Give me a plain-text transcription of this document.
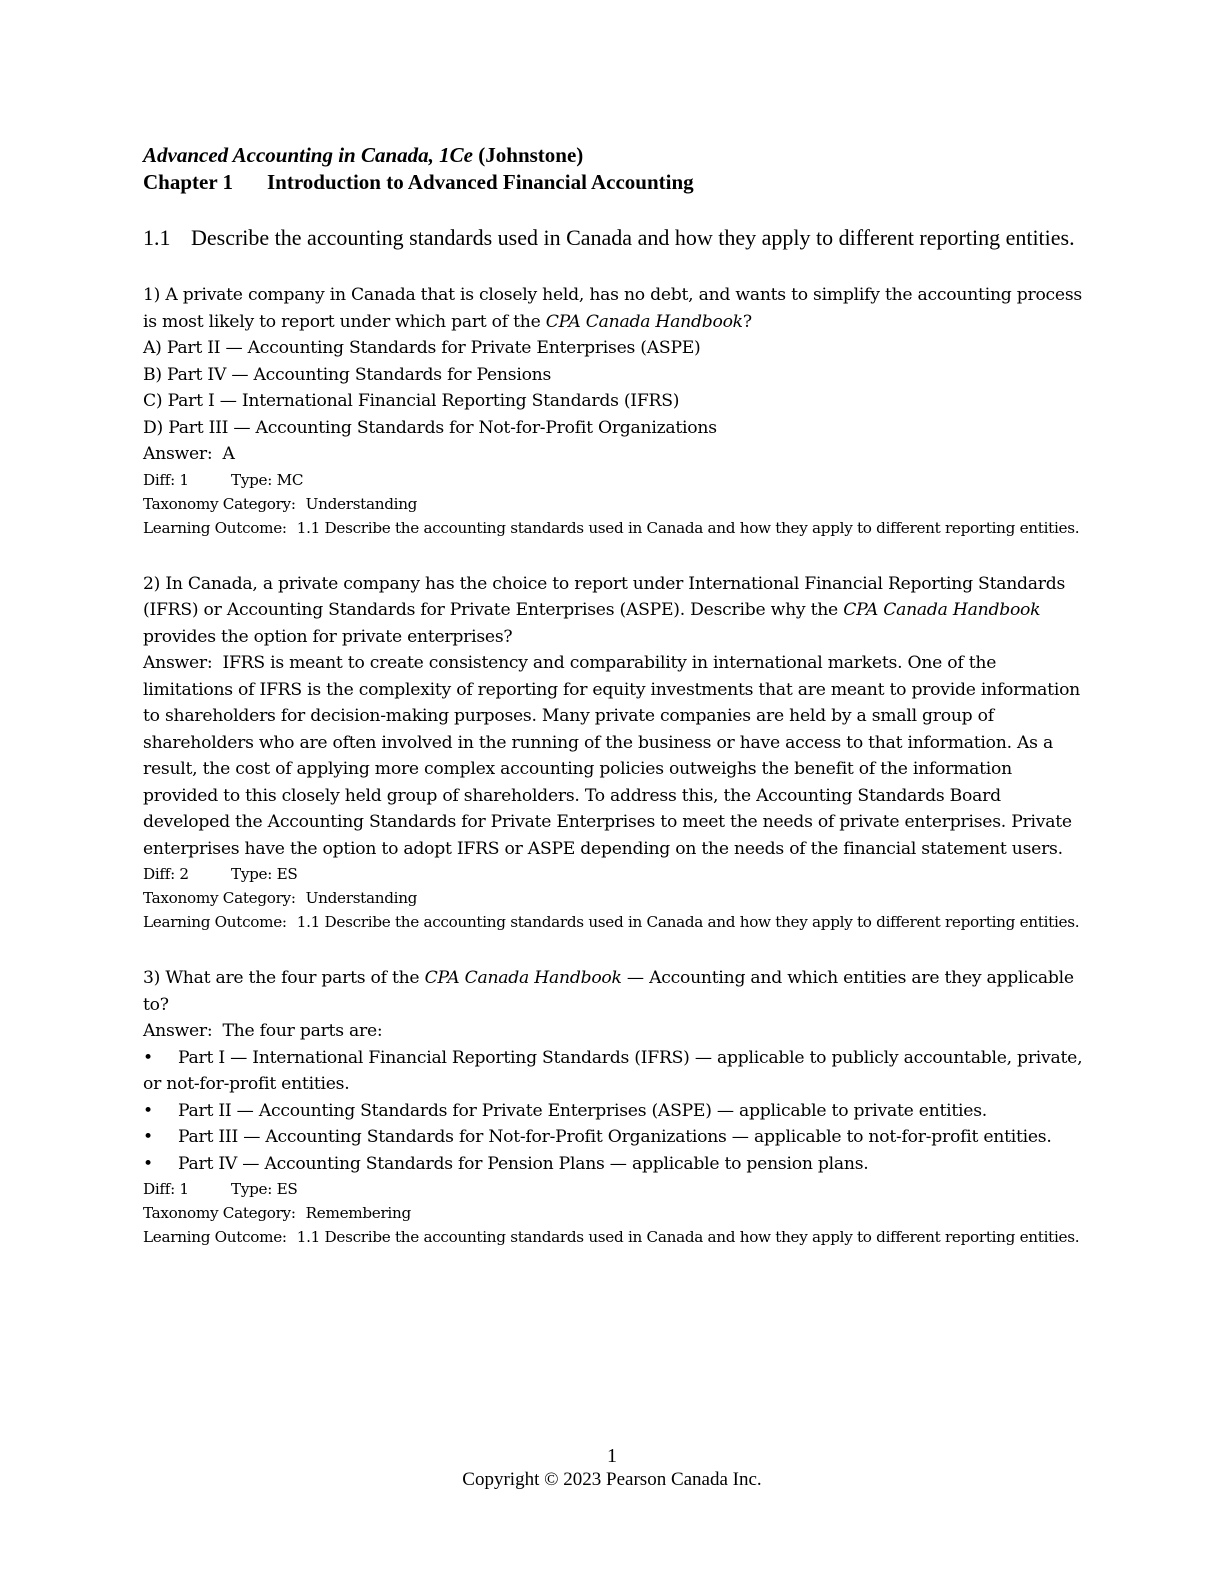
Advanced Accounting in Canada, 1Ce (Johnstone)
Chapter 1	Introduction to Advanced Financial Accounting
1.1 Describe the accounting standards used in Canada and how they apply to different reporting entities.
1) A private company in Canada that is closely held, has no debt, and wants to simplify the accounting process is most likely to report under which part of the CPA Canada Handbook?
A) Part II — Accounting Standards for Private Enterprises (ASPE)
B) Part IV — Accounting Standards for Pensions
C) Part I — International Financial Reporting Standards (IFRS)
D) Part III — Accounting Standards for Not-for-Profit Organizations
Answer: A
Diff: 1	Type: MC
Taxonomy Category: Understanding
Learning Outcome: 1.1 Describe the accounting standards used in Canada and how they apply to different reporting entities.
2) In Canada, a private company has the choice to report under International Financial Reporting Standards (IFRS) or Accounting Standards for Private Enterprises (ASPE). Describe why the CPA Canada Handbook provides the option for private enterprises?
Answer: IFRS is meant to create consistency and comparability in international markets. One of the limitations of IFRS is the complexity of reporting for equity investments that are meant to provide information to shareholders for decision-making purposes. Many private companies are held by a small group of shareholders who are often involved in the running of the business or have access to that information. As a result, the cost of applying more complex accounting policies outweighs the benefit of the information provided to this closely held group of shareholders. To address this, the Accounting Standards Board developed the Accounting Standards for Private Enterprises to meet the needs of private enterprises. Private enterprises have the option to adopt IFRS or ASPE depending on the needs of the financial statement users.
Diff: 2	Type: ES
Taxonomy Category: Understanding
Learning Outcome: 1.1 Describe the accounting standards used in Canada and how they apply to different reporting entities.
3) What are the four parts of the CPA Canada Handbook — Accounting and which entities are they applicable to?
Answer: The four parts are:
• Part I — International Financial Reporting Standards (IFRS) — applicable to publicly accountable, private, or not-for-profit entities.
• Part II — Accounting Standards for Private Enterprises (ASPE) — applicable to private entities.
• Part III — Accounting Standards for Not-for-Profit Organizations — applicable to not-for-profit entities.
• Part IV — Accounting Standards for Pension Plans — applicable to pension plans.
Diff: 1	Type: ES
Taxonomy Category: Remembering
Learning Outcome: 1.1 Describe the accounting standards used in Canada and how they apply to different reporting entities.
1
Copyright © 2023 Pearson Canada Inc.
